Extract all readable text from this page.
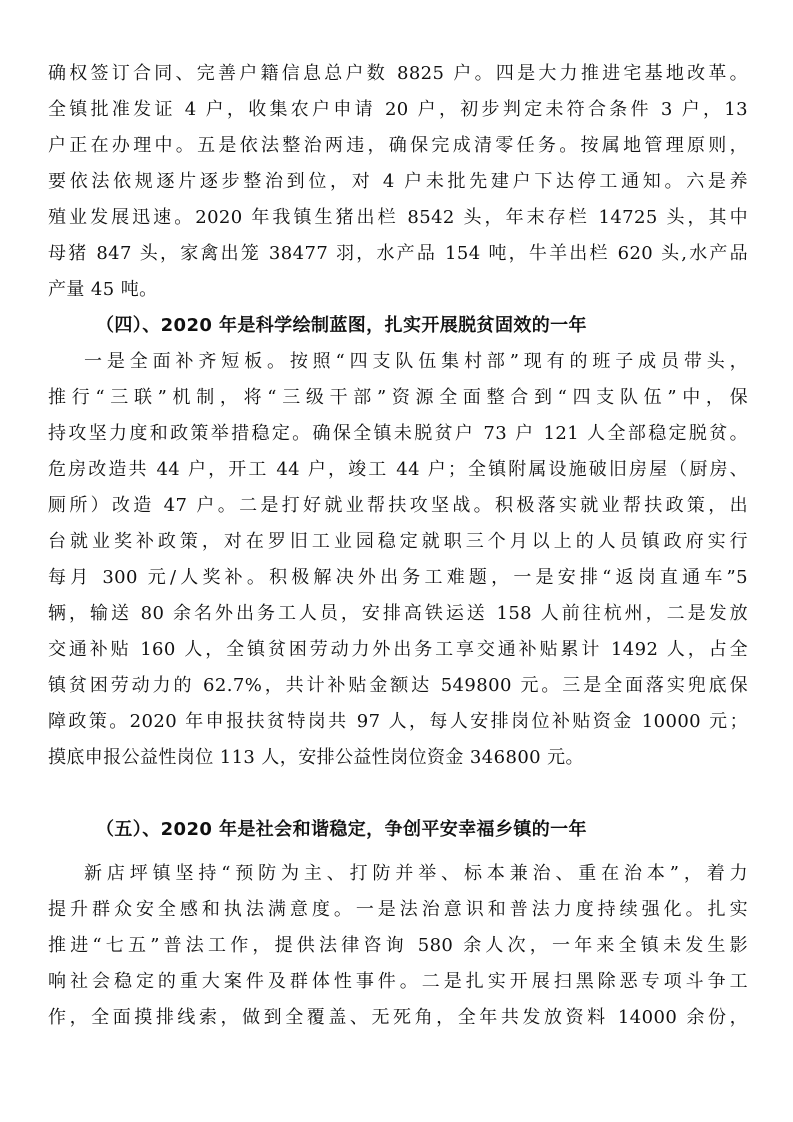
确权签订合同、完善户籍信息总户数 8825 户。四是大力推进宅基地改革。
全镇批准发证 4 户，收集农户申请 20 户，初步判定未符合条件 3 户，13
户正在办理中。五是依法整治两违，确保完成清零任务。按属地管理原则，
要依法依规逐片逐步整治到位，对 4 户未批先建户下达停工通知。六是养
殖业发展迅速。2020 年我镇生猪出栏 8542 头，年末存栏 14725 头，其中
母猪 847 头，家禽出笼 38477 羽，水产品 154 吨，牛羊出栏 620 头,水产品
产量 45 吨。
（四）、2020 年是科学绘制蓝图，扎实开展脱贫固效的一年
一是全面补齐短板。按照“四支队伍集村部”现有的班子成员带头，
推行“三联”机制，将“三级干部”资源全面整合到“四支队伍”中，保
持攻坚力度和政策举措稳定。确保全镇未脱贫户 73 户 121 人全部稳定脱贫。
危房改造共 44 户，开工 44 户，竣工 44 户；全镇附属设施破旧房屋（厨房、
厕所）改造 47 户。二是打好就业帮扶攻坚战。积极落实就业帮扶政策，出
台就业奖补政策，对在罗旧工业园稳定就职三个月以上的人员镇政府实行
每月 300 元/人奖补。积极解决外出务工难题，一是安排“返岗直通车”5
辆，输送 80 余名外出务工人员，安排高铁运送 158 人前往杭州，二是发放
交通补贴 160 人，全镇贫困劳动力外出务工享交通补贴累计 1492 人，占全
镇贫困劳动力的 62.7%，共计补贴金额达 549800 元。三是全面落实兜底保
障政策。2020 年申报扶贫特岗共 97 人，每人安排岗位补贴资金 10000 元；
摸底申报公益性岗位 113 人，安排公益性岗位资金 346800 元。
（五）、2020 年是社会和谐稳定，争创平安幸福乡镇的一年
新店坪镇坚持“预防为主、打防并举、标本兼治、重在治本”，着力
提升群众安全感和执法满意度。一是法治意识和普法力度持续强化。扎实
推进“七五”普法工作，提供法律咨询 580 余人次，一年来全镇未发生影
响社会稳定的重大案件及群体性事件。二是扎实开展扫黑除恶专项斗争工
作，全面摸排线索，做到全覆盖、无死角，全年共发放资料 14000 余份，
